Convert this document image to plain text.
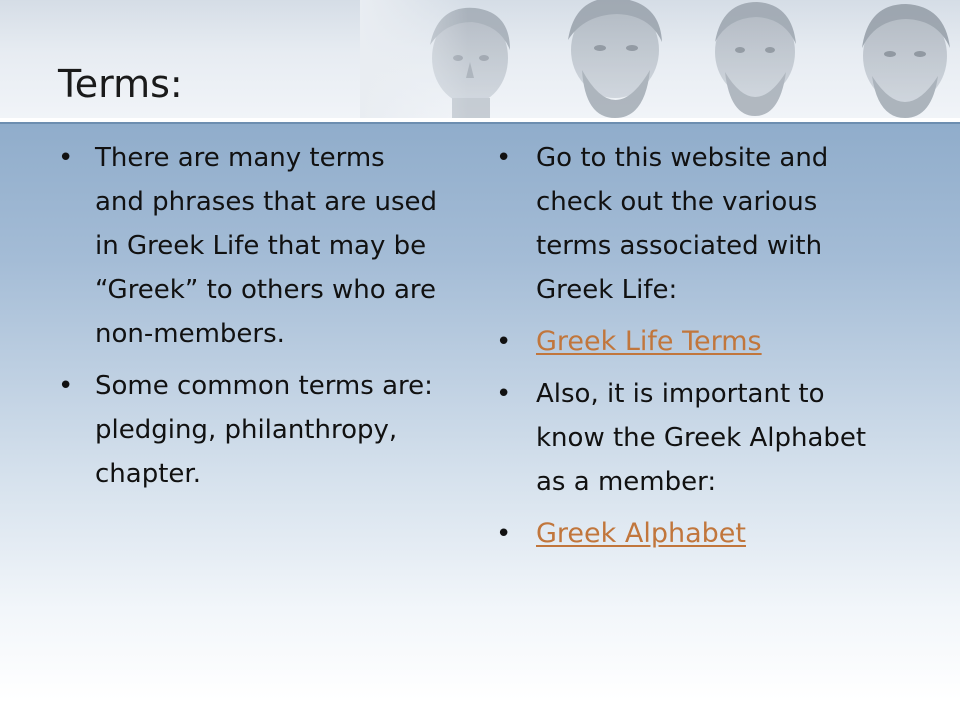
Terms:
• There are many terms and phrases that are used in Greek Life that may be “Greek” to others who are non-members.
• Some common terms are: pledging, philanthropy, chapter.
• Go to this website and check out the various terms associated with Greek Life:
• Greek Life Terms
• Also, it is important to know the Greek Alphabet as a member:
• Greek Alphabet
